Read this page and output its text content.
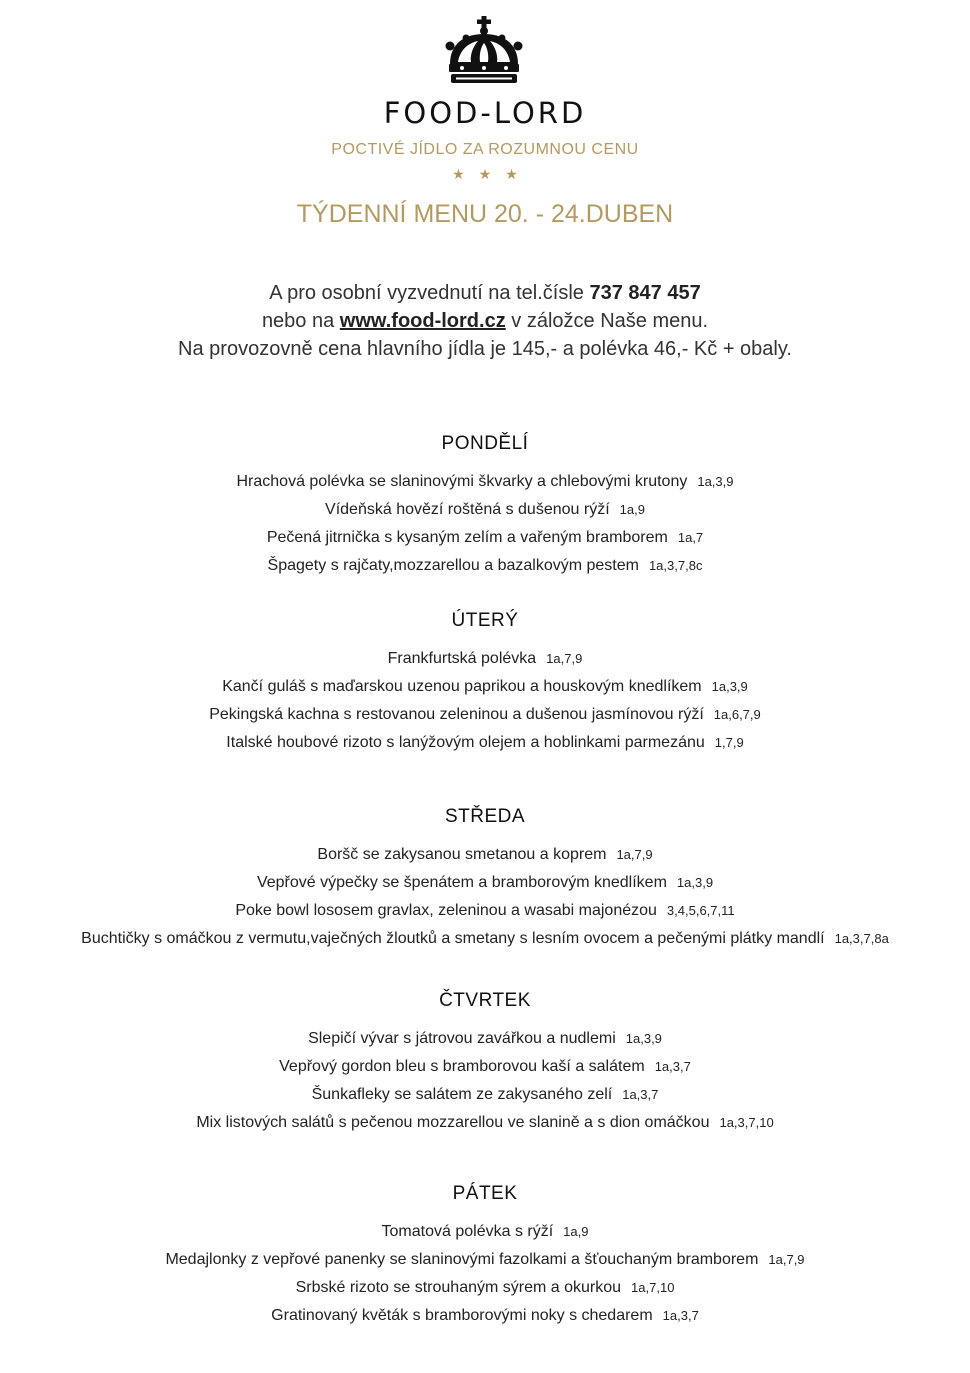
FOOD-LORD
POCTIVÉ JÍDLO ZA ROZUMNOU CENU
★★★
TÝDENNÍ MENU 20. - 24.DUBEN
A pro osobní vyzvednutí na tel.čísle 737 847 457
nebo na www.food-lord.cz v záložce Naše menu.
Na provozovně cena hlavního jídla je 145,- a polévka 46,- Kč + obaly.
PONDĚLÍ
Hrachová polévka se slaninovými škvarky a chlebovými krutony 1a,3,9
Vídeňská hovězí roštěná s dušenou rýží 1a,9
Pečená jitrnička s kysaným zelím a vařeným bramborem 1a,7
Špagety s rajčaty,mozzarellou a bazalkovým pestem 1a,3,7,8c
ÚTERÝ
Frankfurtská polévka 1a,7,9
Kančí guláš s maďarskou uzenou paprikou a houskovým knedlíkem 1a,3,9
Pekingská kachna s restovanou zeleninou a dušenou jasmínovou rýží 1a,6,7,9
Italské houbové rizoto s lanýžovým olejem a hoblinkami parmezánu 1,7,9
STŘEDA
Boršč se zakysanou smetanou a koprem 1a,7,9
Vepřové výpečky se špenátem a bramborovým knedlíkem 1a,3,9
Poke bowl lososem gravlax, zeleninou a wasabi majonézou 3,4,5,6,7,11
Buchtičky s omáčkou z vermutu,vaječných žloutků a smetany s lesním ovocem a pečenými plátky mandlí 1a,3,7,8a
ČTVRTEK
Slepičí vývar s játrovou zavářkou a nudlemi 1a,3,9
Vepřový gordon bleu s bramborovou kaší a salátem 1a,3,7
Šunkafleky se salátem ze zakysaného zelí 1a,3,7
Mix listových salátů s pečenou mozzarellou ve slanině a s dion omáčkou 1a,3,7,10
PÁTEK
Tomatová polévka s rýží 1a,9
Medajlonky z vepřové panenky se slaninovými fazolkami a šťouchaným bramborem 1a,7,9
Srbské rizoto se strouhaným sýrem a okurkou 1a,7,10
Gratinovaný květák s bramborovými noky s chedarem 1a,3,7
